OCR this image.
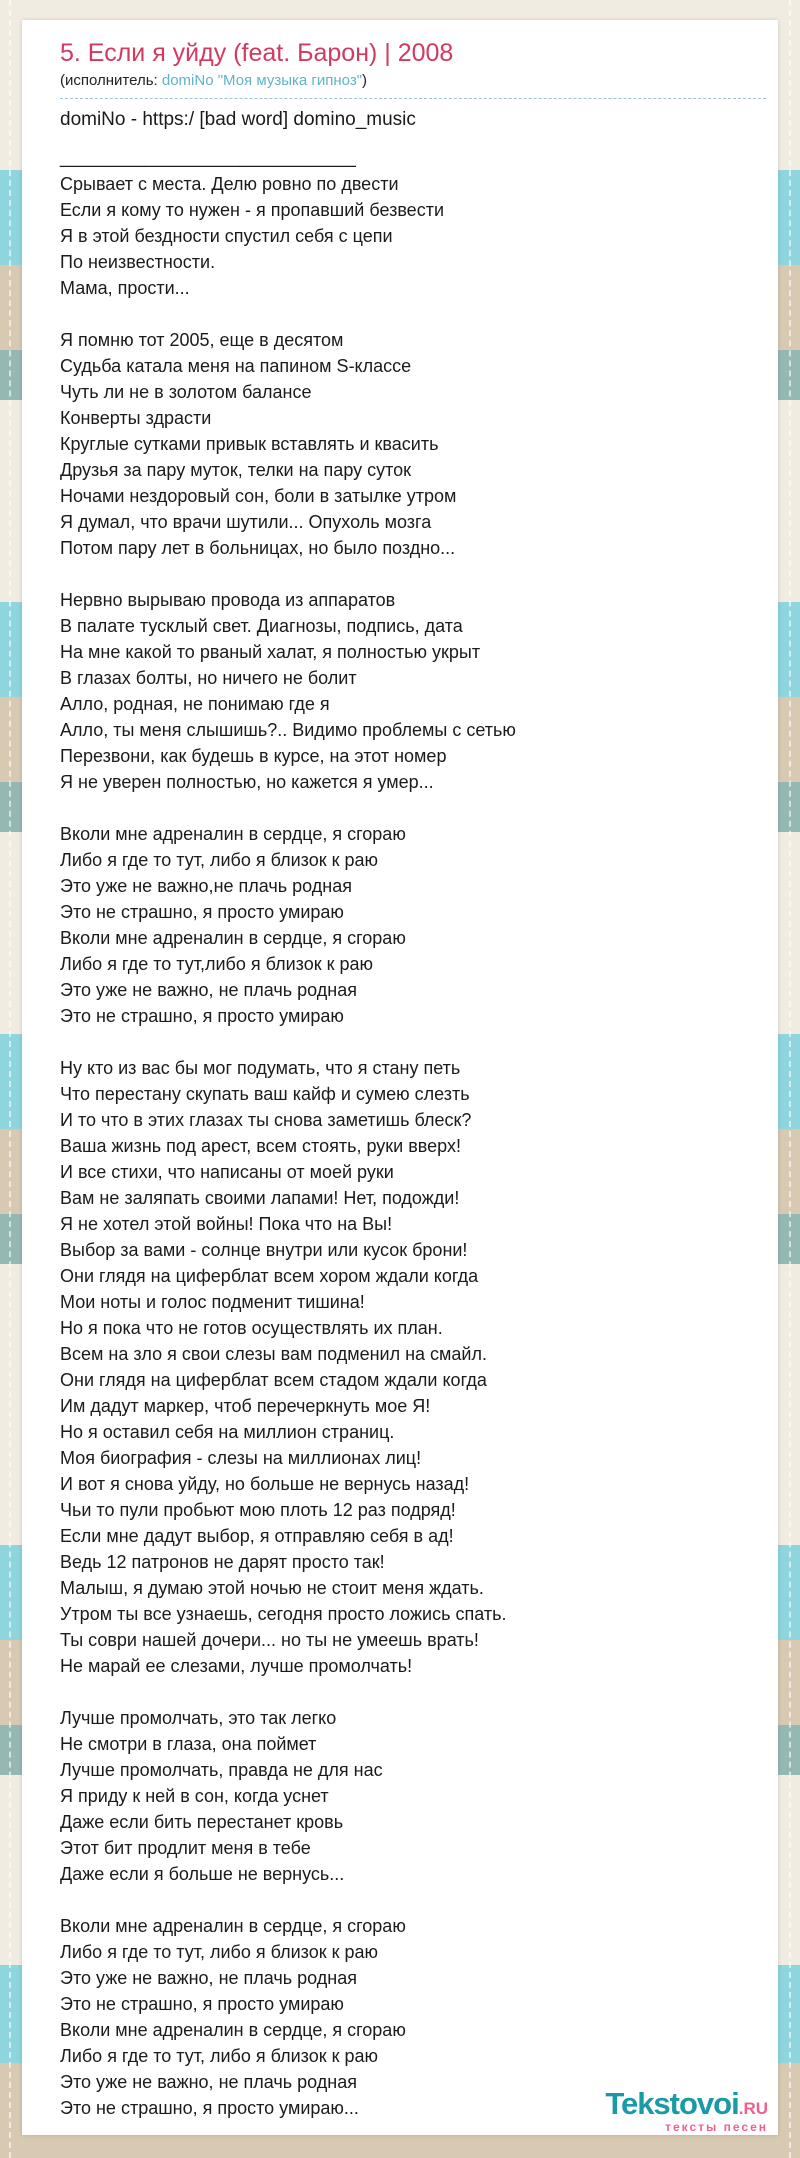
5. Если я уйду (feat. Барон) | 2008
(исполнитель: domiNo "Моя музыка гипноз")

domiNo - https:/ [bad word] domino_music

____________________________

Срывает с места. Делю ровно по двести
Если я кому то нужен - я пропавший безвести
Я в этой бездности спустил себя с цепи
По неизвестности.
Мама, прости...

Я помню тот 2005, еще в десятом
Судьба катала меня на папином S-классе
Чуть ли не в золотом балансе
Конверты здрасти
Круглые сутками привык вставлять и квасить
Друзья за пару муток, телки на пару суток
Ночами нездоровый сон, боли в затылке утром
Я думал, что врачи шутили... Опухоль мозга
Потом пару лет в больницах, но было поздно...

Нервно вырываю провода из аппаратов
В палате тусклый свет. Диагнозы, подпись, дата
На мне какой то рваный халат, я полностью укрыт
В глазах болты, но ничего не болит
Алло, родная, не понимаю где я
Алло, ты меня слышишь?.. Видимо проблемы с сетью
Перезвони, как будешь в курсе, на этот номер
Я не уверен полностью, но кажется я умер...

Вколи мне адреналин в сердце, я сгораю
Либо я где то тут, либо я близок к раю
Это уже не важно,не плачь родная
Это не страшно, я просто умираю
Вколи мне адреналин в сердце, я сгораю
Либо я где то тут,либо я близок к раю
Это уже не важно, не плачь родная
Это не страшно, я просто умираю

Ну кто из вас бы мог подумать, что я стану петь
Что перестану скупать ваш кайф и сумею слезть
И то что в этих глазах ты снова заметишь блеск?
Ваша жизнь под арест, всем стоять, руки вверх!
И все стихи, что написаны от моей руки
Вам не заляпать своими лапами! Нет, подожди!
Я не хотел этой войны! Пока что на Вы!
Выбор за вами - солнце внутри или кусок брони!
Они глядя на циферблат всем хором ждали когда
Мои ноты и голос подменит тишина!
Но я пока что не готов осуществлять их план.
Всем на зло я свои слезы вам подменил на смайл.
Они глядя на циферблат всем стадом ждали когда
Им дадут маркер, чтоб перечеркнуть мое Я!
Но я оставил себя на миллион страниц.
Моя биография - слезы на миллионах лиц!
И вот я снова уйду, но больше не вернусь назад!
Чьи то пули пробьют мою плоть 12 раз подряд!
Если мне дадут выбор, я отправляю себя в ад!
Ведь 12 патронов не дарят просто так!
Малыш, я думаю этой ночью не стоит меня ждать.
Утром ты все узнаешь, сегодня просто ложись спать.
Ты соври нашей дочери... но ты не умеешь врать!
Не марай ее слезами, лучше промолчать!

Лучше промолчать, это так легко
Не смотри в глаза, она поймет
Лучше промолчать, правда не для нас
Я приду к ней в сон, когда уснет
Даже если бить перестанет кровь
Этот бит продлит меня в тебе
Даже если я больше не вернусь...

Вколи мне адреналин в сердце, я сгораю
Либо я где то тут, либо я близок к раю
Это уже не важно, не плачь родная
Это не страшно, я просто умираю
Вколи мне адреналин в сердце, я сгораю
Либо я где то тут, либо я близок к раю
Это уже не важно, не плачь родная
Это не страшно, я просто умираю...	Tekstovoi.RU
тексты песен
